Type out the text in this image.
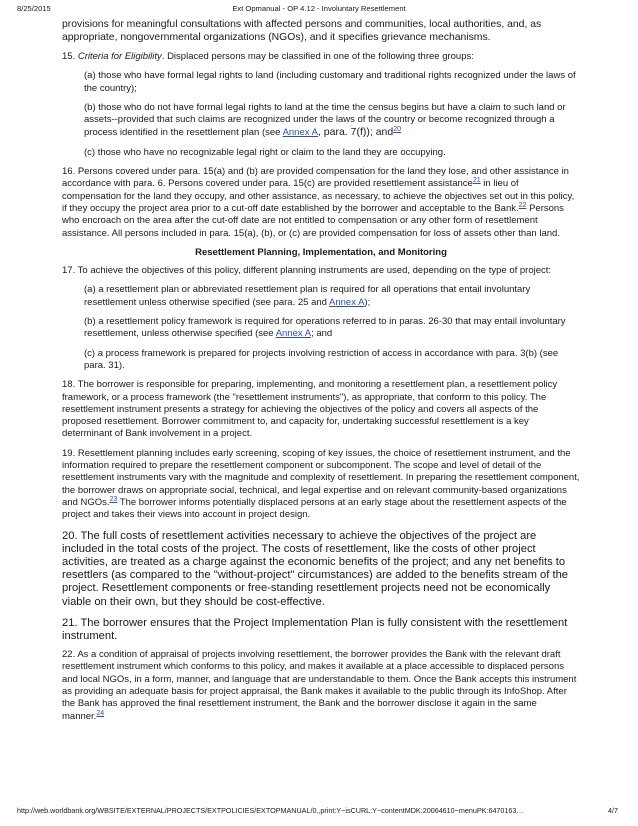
8/25/2015	Ext Opmanual - OP 4.12 - Involuntary Resettlement

provisions for meaningful consultations with affected persons and communities, local authorities, and, as appropriate, nongovernmental organizations (NGOs), and it specifies grievance mechanisms.

15. Criteria for Eligibility. Displaced persons may be classified in one of the following three groups:

(a) those who have formal legal rights to land (including customary and traditional rights recognized under the laws of the country);

(b) those who do not have formal legal rights to land at the time the census begins but have a claim to such land or assets--provided that such claims are recognized under the laws of the country or become recognized through a process identified in the resettlement plan (see Annex A, para. 7(f)); and$^{20}$

(c) those who have no recognizable legal right or claim to the land they are occupying.

16. Persons covered under para. 15(a) and (b) are provided compensation for the land they lose, and other assistance in accordance with para. 6. Persons covered under para. 15(c) are provided resettlement assistance$^{21}$ in lieu of compensation for the land they occupy, and other assistance, as necessary, to achieve the objectives set out in this policy, if they occupy the project area prior to a cut-off date established by the borrower and acceptable to the Bank.$^{22}$ Persons who encroach on the area after the cut-off date are not entitled to compensation or any other form of resettlement assistance. All persons included in para. 15(a), (b), or (c) are provided compensation for loss of assets other than land.

Resettlement Planning, Implementation, and Monitoring

17. To achieve the objectives of this policy, different planning instruments are used, depending on the type of project:

(a) a resettlement plan or abbreviated resettlement plan is required for all operations that entail involuntary resettlement unless otherwise specified (see para. 25 and Annex A);

(b) a resettlement policy framework is required for operations referred to in paras. 26-30 that may entail involuntary resettlement, unless otherwise specified (see Annex A; and

(c) a process framework is prepared for projects involving restriction of access in accordance with para. 3(b) (see para. 31).

18. The borrower is responsible for preparing, implementing, and monitoring a resettlement plan, a resettlement policy framework, or a process framework (the "resettlement instruments"), as appropriate, that conform to this policy. The resettlement instrument presents a strategy for achieving the objectives of the policy and covers all aspects of the proposed resettlement. Borrower commitment to, and capacity for, undertaking successful resettlement is a key determinant of Bank involvement in a project.

19. Resettlement planning includes early screening, scoping of key issues, the choice of resettlement instrument, and the information required to prepare the resettlement component or subcomponent. The scope and level of detail of the resettlement instruments vary with the magnitude and complexity of resettlement. In preparing the resettlement component, the borrower draws on appropriate social, technical, and legal expertise and on relevant community-based organizations and NGOs.$^{23}$ The borrower informs potentially displaced persons at an early stage about the resettlement aspects of the project and takes their views into account in project design.

20. The full costs of resettlement activities necessary to achieve the objectives of the project are included in the total costs of the project. The costs of resettlement, like the costs of other project activities, are treated as a charge against the economic benefits of the project; and any net benefits to resettlers (as compared to the "without-project" circumstances) are added to the benefits stream of the project. Resettlement components or free-standing resettlement projects need not be economically viable on their own, but they should be cost-effective.

21. The borrower ensures that the Project Implementation Plan is fully consistent with the resettlement instrument.

22. As a condition of appraisal of projects involving resettlement, the borrower provides the Bank with the relevant draft resettlement instrument which conforms to this policy, and makes it available at a place accessible to displaced persons and local NGOs, in a form, manner, and language that are understandable to them. Once the Bank accepts this instrument as providing an adequate basis for project appraisal, the Bank makes it available to the public through its InfoShop. After the Bank has approved the final resettlement instrument, the Bank and the borrower disclose it again in the same manner.$^{24}$

http://web.worldbank.org/WBSITE/EXTERNAL/PROJECTS/EXTPOLICIES/EXTOPMANUAL/0,,print:Y~isCURL:Y~contentMDK:20064610~menuPK:6470163…	4/7
